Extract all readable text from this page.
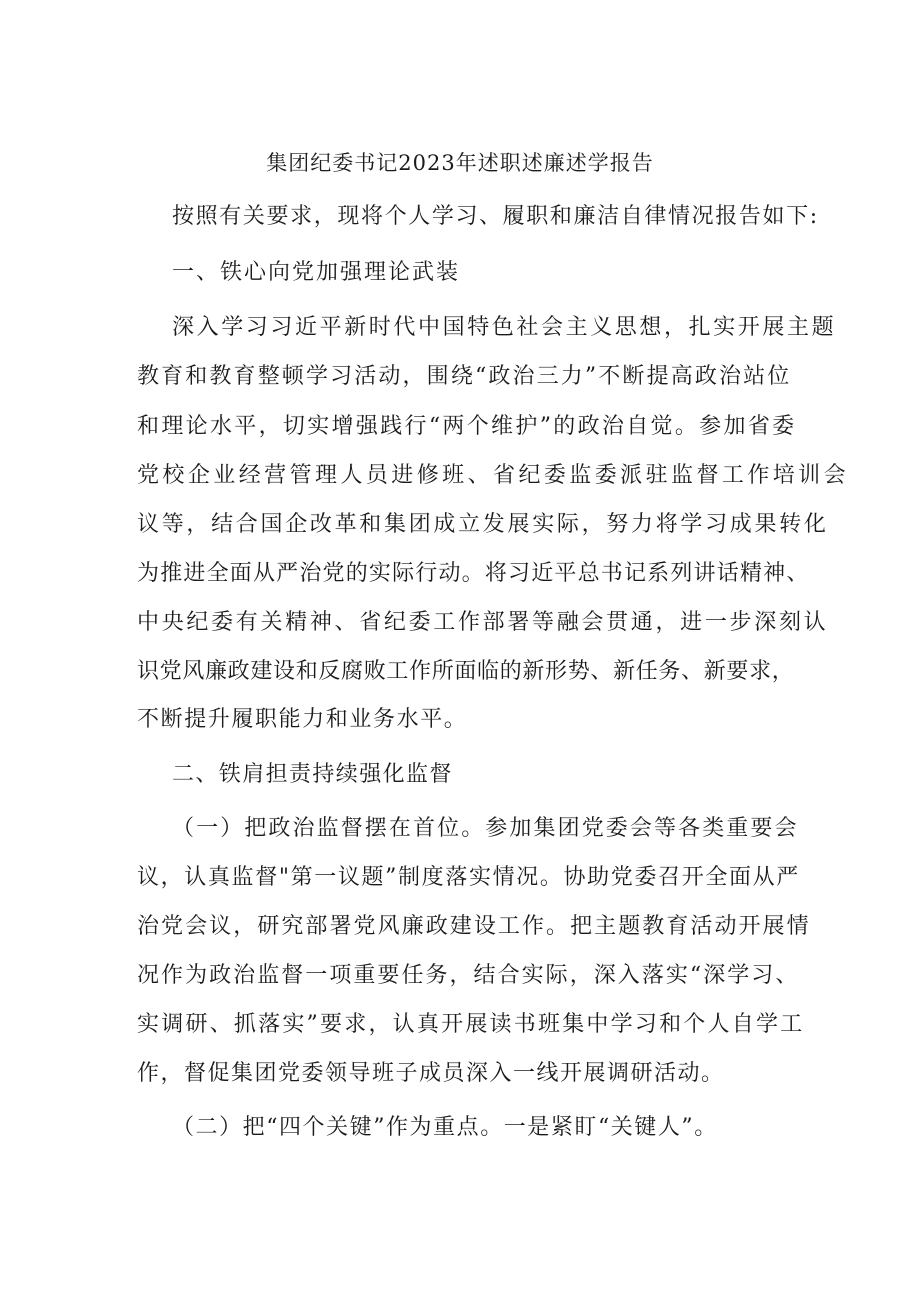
集团纪委书记2023年述职述廉述学报告
按照有关要求，现将个人学习、履职和廉洁自律情况报告如下:
一、铁心向党加强理论武装
深入学习习近平新时代中国特色社会主义思想，扎实开展主题
教育和教育整顿学习活动，围绕“政治三力”不断提高政治站位
和理论水平，切实增强践行“两个维护”的政治自觉。参加省委
党校企业经营管理人员进修班、省纪委监委派驻监督工作培训会
议等，结合国企改革和集团成立发展实际，努力将学习成果转化
为推进全面从严治党的实际行动。将习近平总书记系列讲话精神、
中央纪委有关精神、省纪委工作部署等融会贯通，进一步深刻认
识党风廉政建设和反腐败工作所面临的新形势、新任务、新要求，
不断提升履职能力和业务水平。
二、铁肩担责持续强化监督
（一）把政治监督摆在首位。参加集团党委会等各类重要会
议，认真监督"第一议题”制度落实情况。协助党委召开全面从严
治党会议，研究部署党风廉政建设工作。把主题教育活动开展情
况作为政治监督一项重要任务，结合实际，深入落实“深学习、
实调研、抓落实”要求，认真开展读书班集中学习和个人自学工
作，督促集团党委领导班子成员深入一线开展调研活动。
（二）把“四个关键”作为重点。一是紧盯“关键人”。
